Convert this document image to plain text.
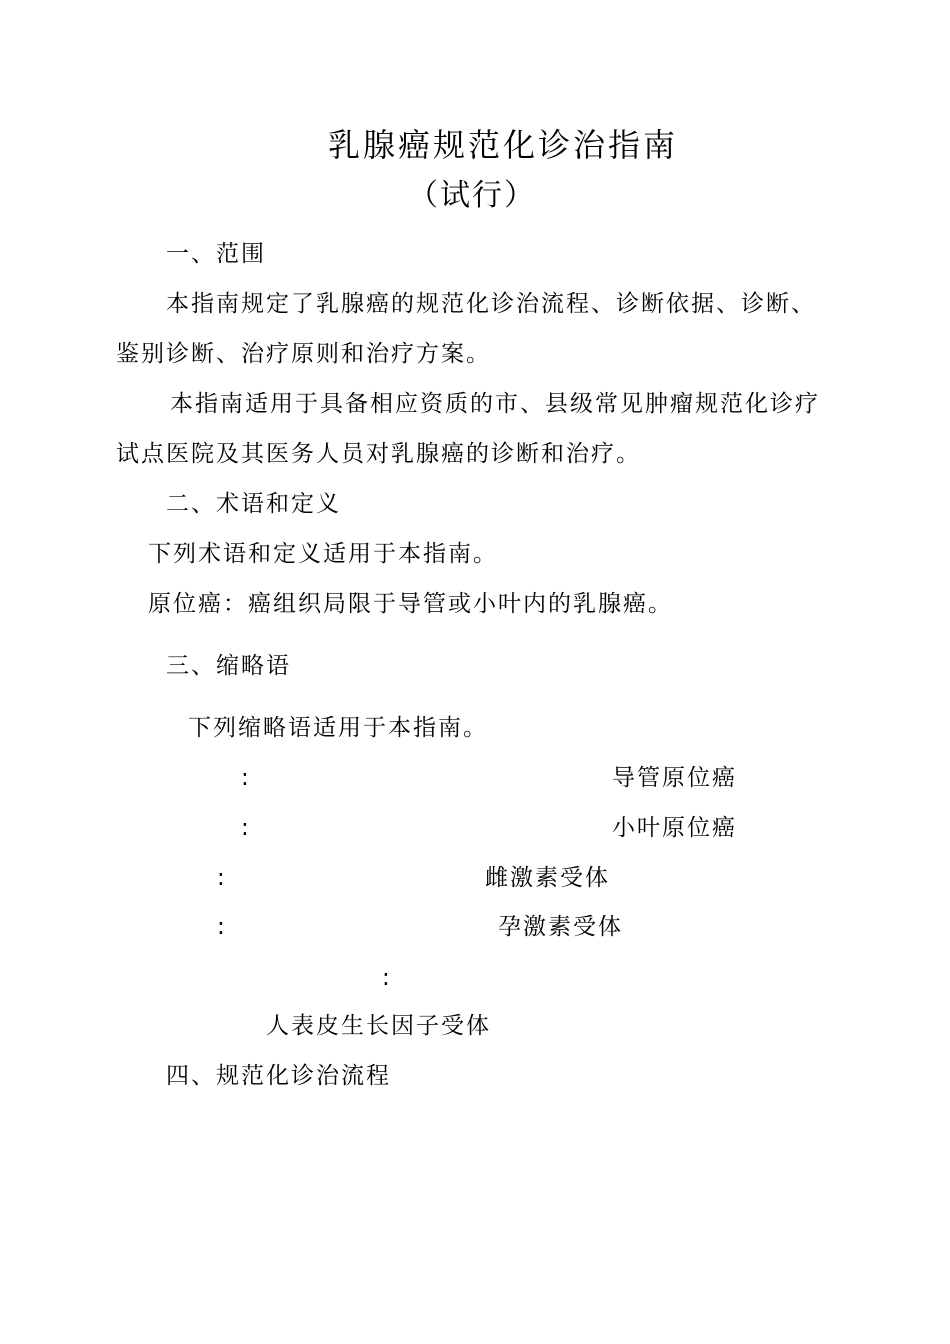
乳腺癌规范化诊治指南
（试行）
一、范围
本指南规定了乳腺癌的规范化诊治流程、诊断依据、诊断、
鉴别诊断、治疗原则和治疗方案。
本指南适用于具备相应资质的市、县级常见肿瘤规范化诊疗
试点医院及其医务人员对乳腺癌的诊断和治疗。
二、术语和定义
下列术语和定义适用于本指南。
原位癌：癌组织局限于导管或小叶内的乳腺癌。
三、缩略语
下列缩略语适用于本指南。
:	导管原位癌
:	小叶原位癌
:	雌激素受体
:	孕激素受体
:
人表皮生长因子受体
四、规范化诊治流程
